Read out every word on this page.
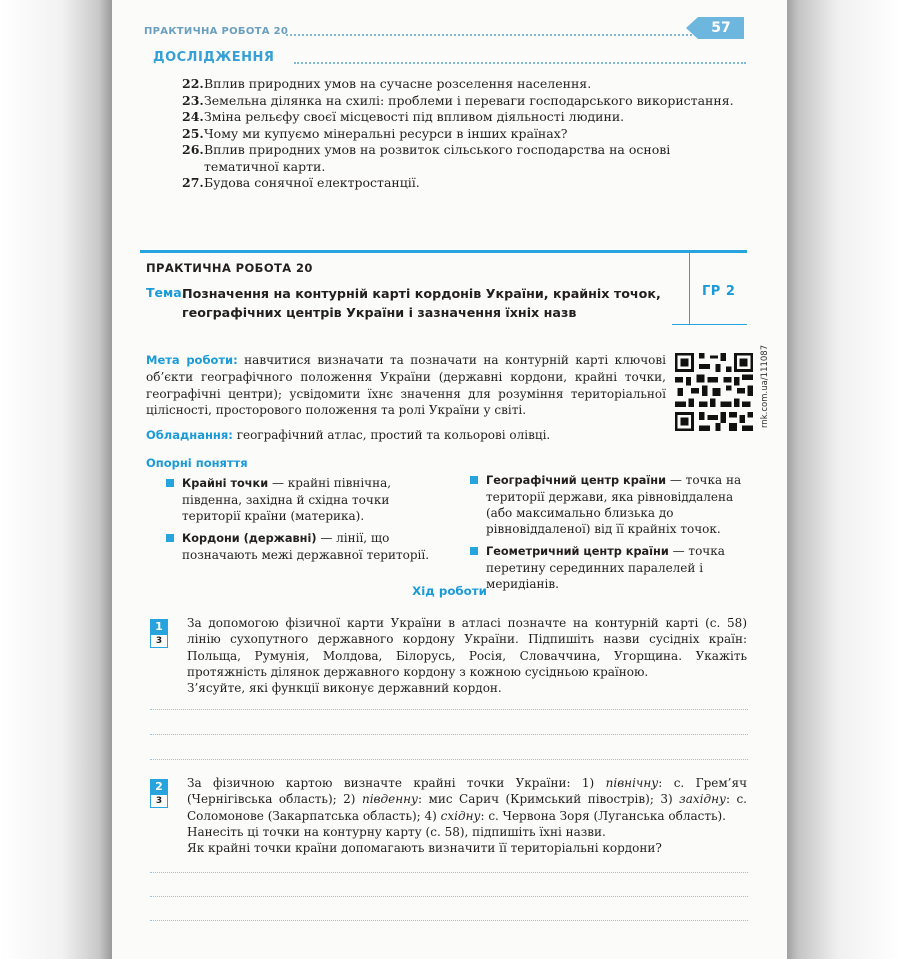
ПРАКТИЧНА РОБОТА 20	57
ДОСЛІДЖЕННЯ
22. Вплив природних умов на сучасне розселення населення.
23. Земельна ділянка на схилі: проблеми і переваги господарського використання.
24. Зміна рельєфу своєї місцевості під впливом діяльності людини.
25. Чому ми купуємо мінеральні ресурси в інших країнах?
26. Вплив природних умов на розвиток сільського господарства на основі тематичної карти.
27. Будова сонячної електростанції.
ПРАКТИЧНА РОБОТА 20
ГР 2
Тема.
Позначення на контурній карті кордонів України, крайніх точок, географічних центрів України і зазначення їхніх назв
Мета роботи: навчитися визначати та позначати на контурній карті ключові об’єкти географічного положення України (державні кордони, крайні точки, географічні центри); усвідомити їхнє значення для розуміння територіальної цілісності, просторового положення та ролі України у світі.	rnk.com.ua/111087
Обладнання: географічний атлас, простий та кольорові олівці.
Опорні поняття
Крайні точки — крайні північна, південна, західна й східна точки території країни (материка).
Кордони (державні) — лінії, що позначають межі державної території.
Географічний центр країни — точка на території держави, яка рівновіддалена (або максимально близька до рівновіддаленої) від її крайніх точок.
Геометричний центр країни — точка перетину серединних паралелей і меридіанів.
Хід роботи
1
3
За допомогою фізичної карти України в атласі позначте на контурній карті (с. 58) лінію сухопутного державного кордону України. Підпишіть назви сусідніх країн: Польща, Румунія, Молдова, Білорусь, Росія, Словаччина, Угорщина. Укажіть протяжність ділянок державного кордону з кожною сусідньою країною.
З’ясуйте, які функції виконує державний кордон.
2
3
За фізичною картою визначте крайні точки України: 1) північну: с. Грем’яч (Чернігівська область); 2) південну: мис Сарич (Кримський півострів); 3) західну: с. Соломонове (Закарпатська область); 4) східну: с. Червона Зоря (Луганська область).
Нанесіть ці точки на контурну карту (с. 58), підпишіть їхні назви.
Як крайні точки країни допомагають визначити її територіальні кордони?
